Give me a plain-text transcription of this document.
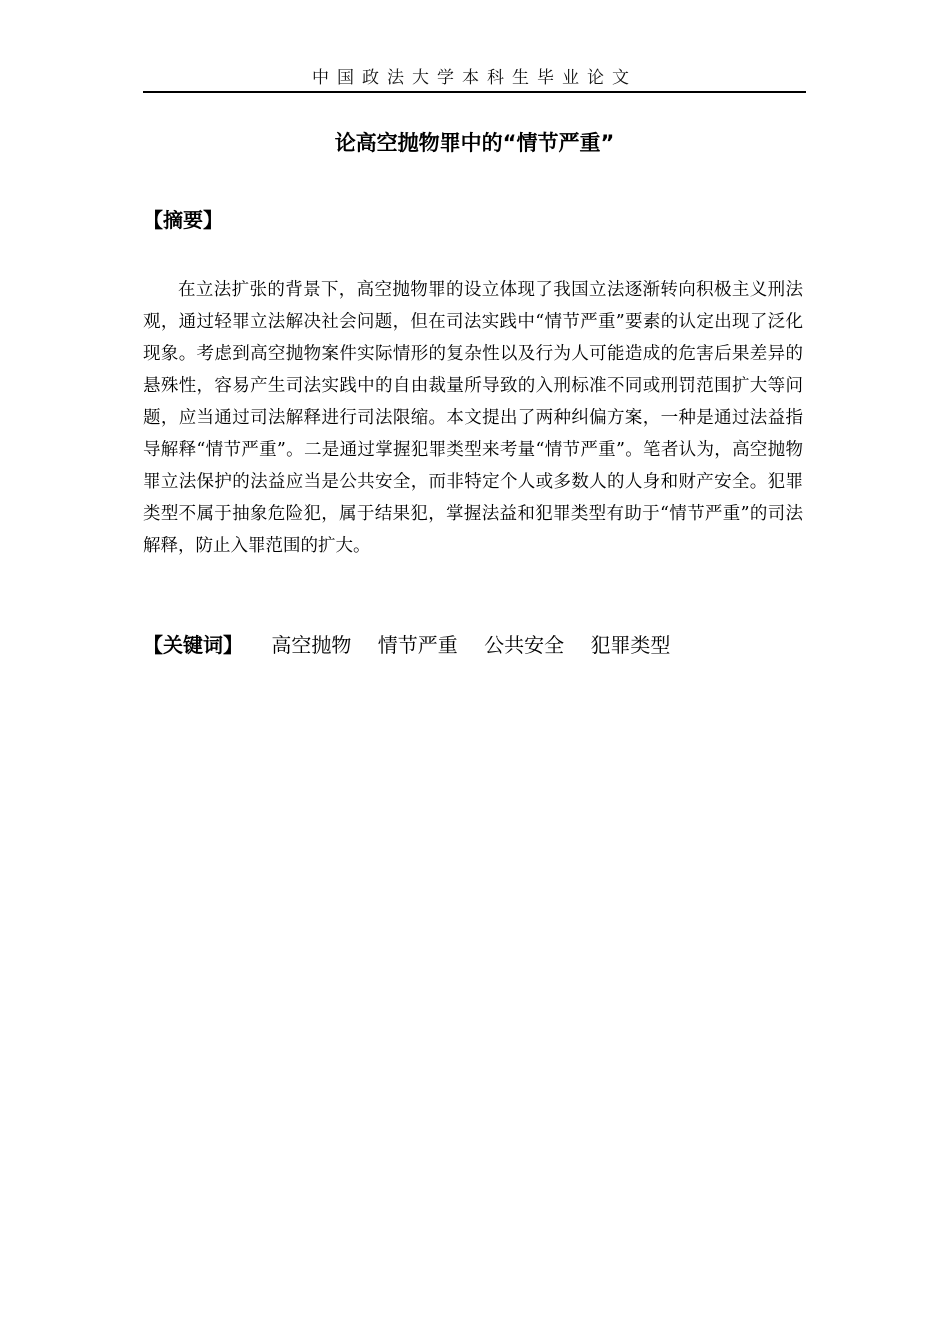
中国政法大学本科生毕业论文
论高空抛物罪中的“情节严重”
【摘要】

在立法扩张的背景下，高空抛物罪的设立体现了我国立法逐渐转向积极主义刑法观，通过轻罪立法解决社会问题，但在司法实践中“情节严重”要素的认定出现了泛化现象。考虑到高空抛物案件实际情形的复杂性以及行为人可能造成的危害后果差异的悬殊性，容易产生司法实践中的自由裁量所导致的入刑标准不同或刑罚范围扩大等问题，应当通过司法解释进行司法限缩。本文提出了两种纠偏方案，一种是通过法益指导解释“情节严重”。二是通过掌握犯罪类型来考量“情节严重”。笔者认为，高空抛物罪立法保护的法益应当是公共安全，而非特定个人或多数人的人身和财产安全。犯罪类型不属于抽象危险犯，属于结果犯，掌握法益和犯罪类型有助于“情节严重”的司法解释，防止入罪范围的扩大。

【关键词】 高空抛物 情节严重 公共安全 犯罪类型
